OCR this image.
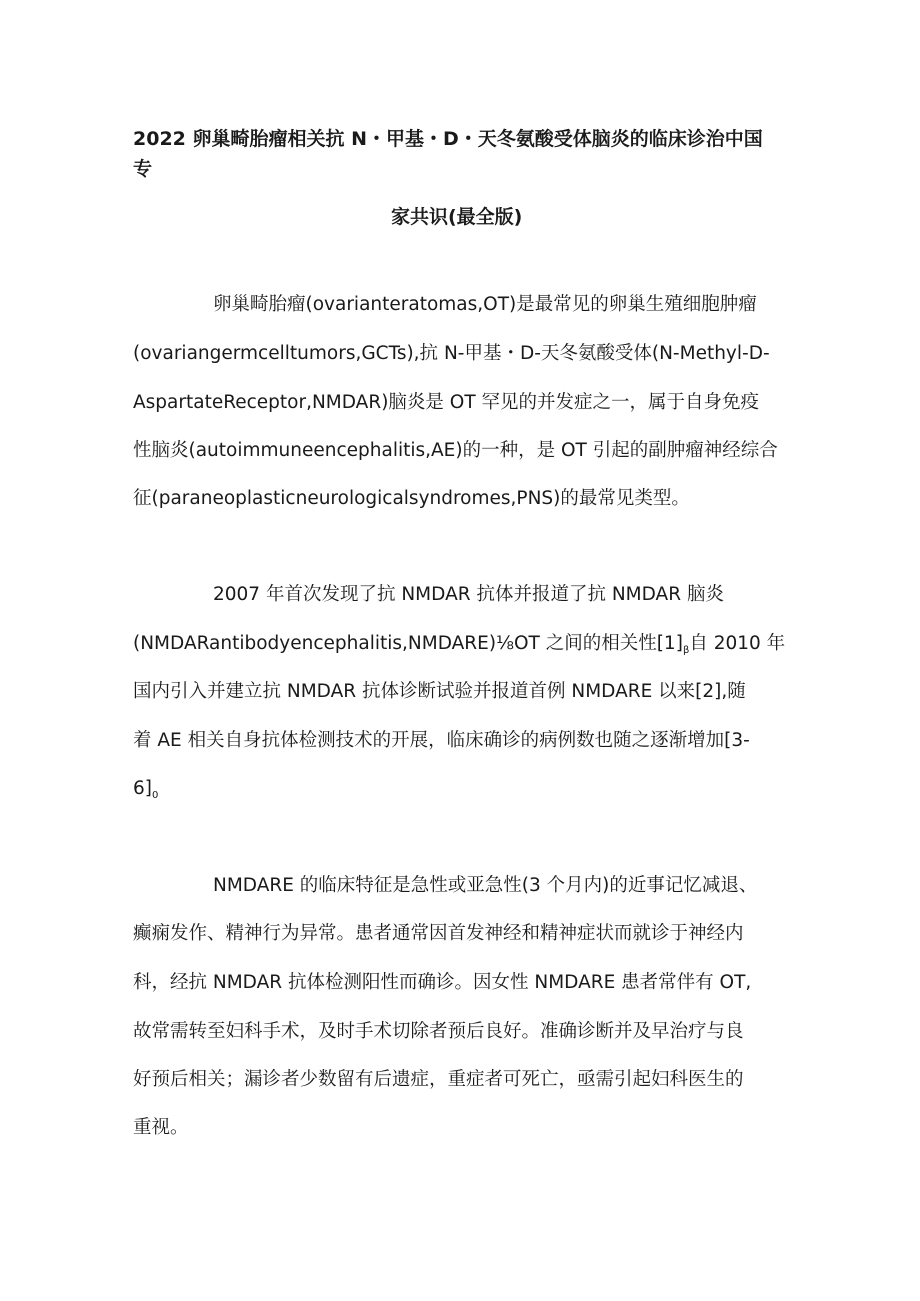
2022 卵巢畸胎瘤相关抗 N・甲基・D・天冬氨酸受体脑炎的临床诊治中国
专
家共识(最全版)
卵巢畸胎瘤(ovarianteratomas,OT)是最常见的卵巢生殖细胞肿瘤
(ovariangermcelltumors,GCTs),抗 N-甲基・D-天冬氨酸受体(N-Methyl-D-
AspartateReceptor,NMDAR)脑炎是 OT 罕见的并发症之一，属于自身免疫
性脑炎(autoimmuneencephalitis,AE)的一种，是 OT 引起的副肿瘤神经综合
征(paraneoplasticneurologicalsyndromes,PNS)的最常见类型。
2007 年首次发现了抗 NMDAR 抗体并报道了抗 NMDAR 脑炎
(NMDARantibodyencephalitis,NMDARE)⅛OT 之间的相关性$[1]_\beta$自 2010 年
国内引入并建立抗 NMDAR 抗体诊断试验并报道首例 NMDARE 以来[2],随
着 AE 相关自身抗体检测技术的开展，临床确诊的病例数也随之逐渐增加[3-
$6]_0$
NMDARE 的临床特征是急性或亚急性(3 个月内)的近事记忆减退、
癫痫发作、精神行为异常。患者通常因首发神经和精神症状而就诊于神经内
科，经抗 NMDAR 抗体检测阳性而确诊。因女性 NMDARE 患者常伴有 OT,
故常需转至妇科手术，及时手术切除者预后良好。准确诊断并及早治疗与良
好预后相关；漏诊者少数留有后遗症，重症者可死亡，亟需引起妇科医生的
重视。
